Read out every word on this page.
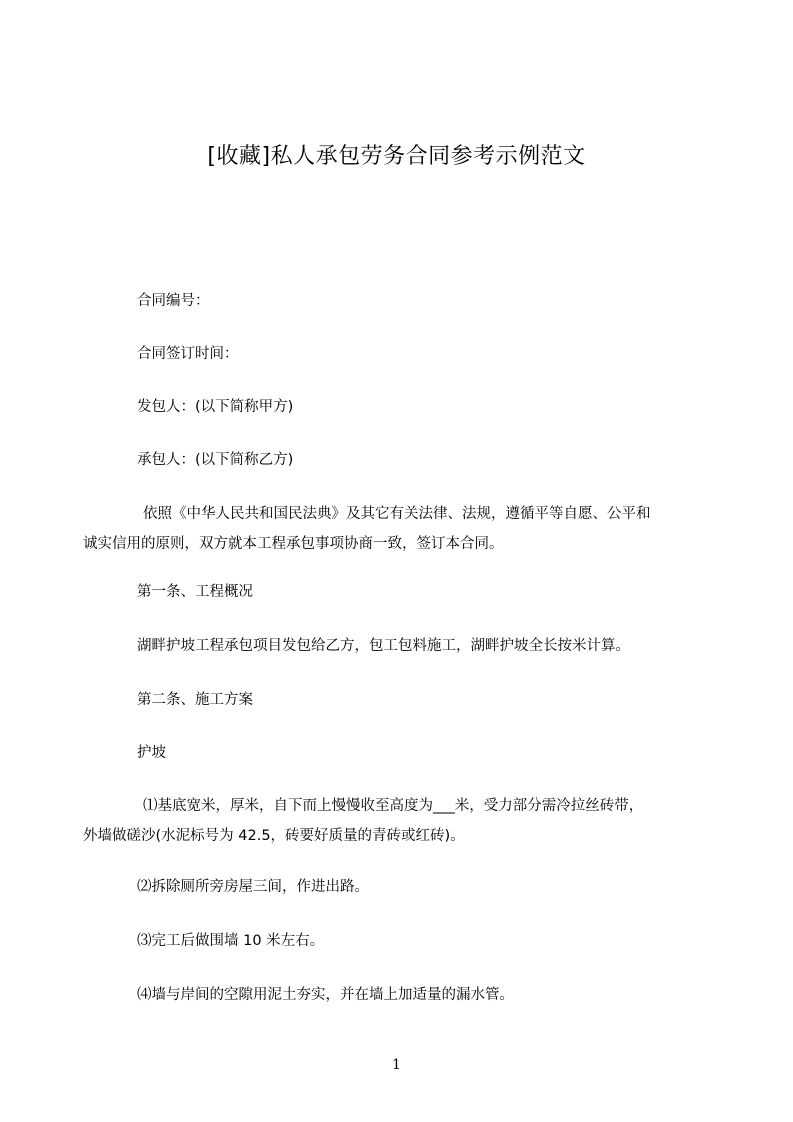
[收藏]私人承包劳务合同参考示例范文
合同编号：
合同签订时间：
发包人：(以下简称甲方)
承包人：(以下简称乙方)
依照《中华人民共和国民法典》及其它有关法律、法规，遵循平等自愿、公平和
诚实信用的原则，双方就本工程承包事项协商一致，签订本合同。
第一条、工程概况
湖畔护坡工程承包项目发包给乙方，包工包料施工，湖畔护坡全长按米计算。
第二条、施工方案
护坡
⑴基底宽米，厚米，自下而上慢慢收至高度为___米，受力部分需冷拉丝砖带，
外墙做磋沙(水泥标号为 42.5，砖要好质量的青砖或红砖)。
⑵拆除厕所旁房屋三间，作进出路。
⑶完工后做围墙 10 米左右。
⑷墙与岸间的空隙用泥土夯实，并在墙上加适量的漏水管。
1
